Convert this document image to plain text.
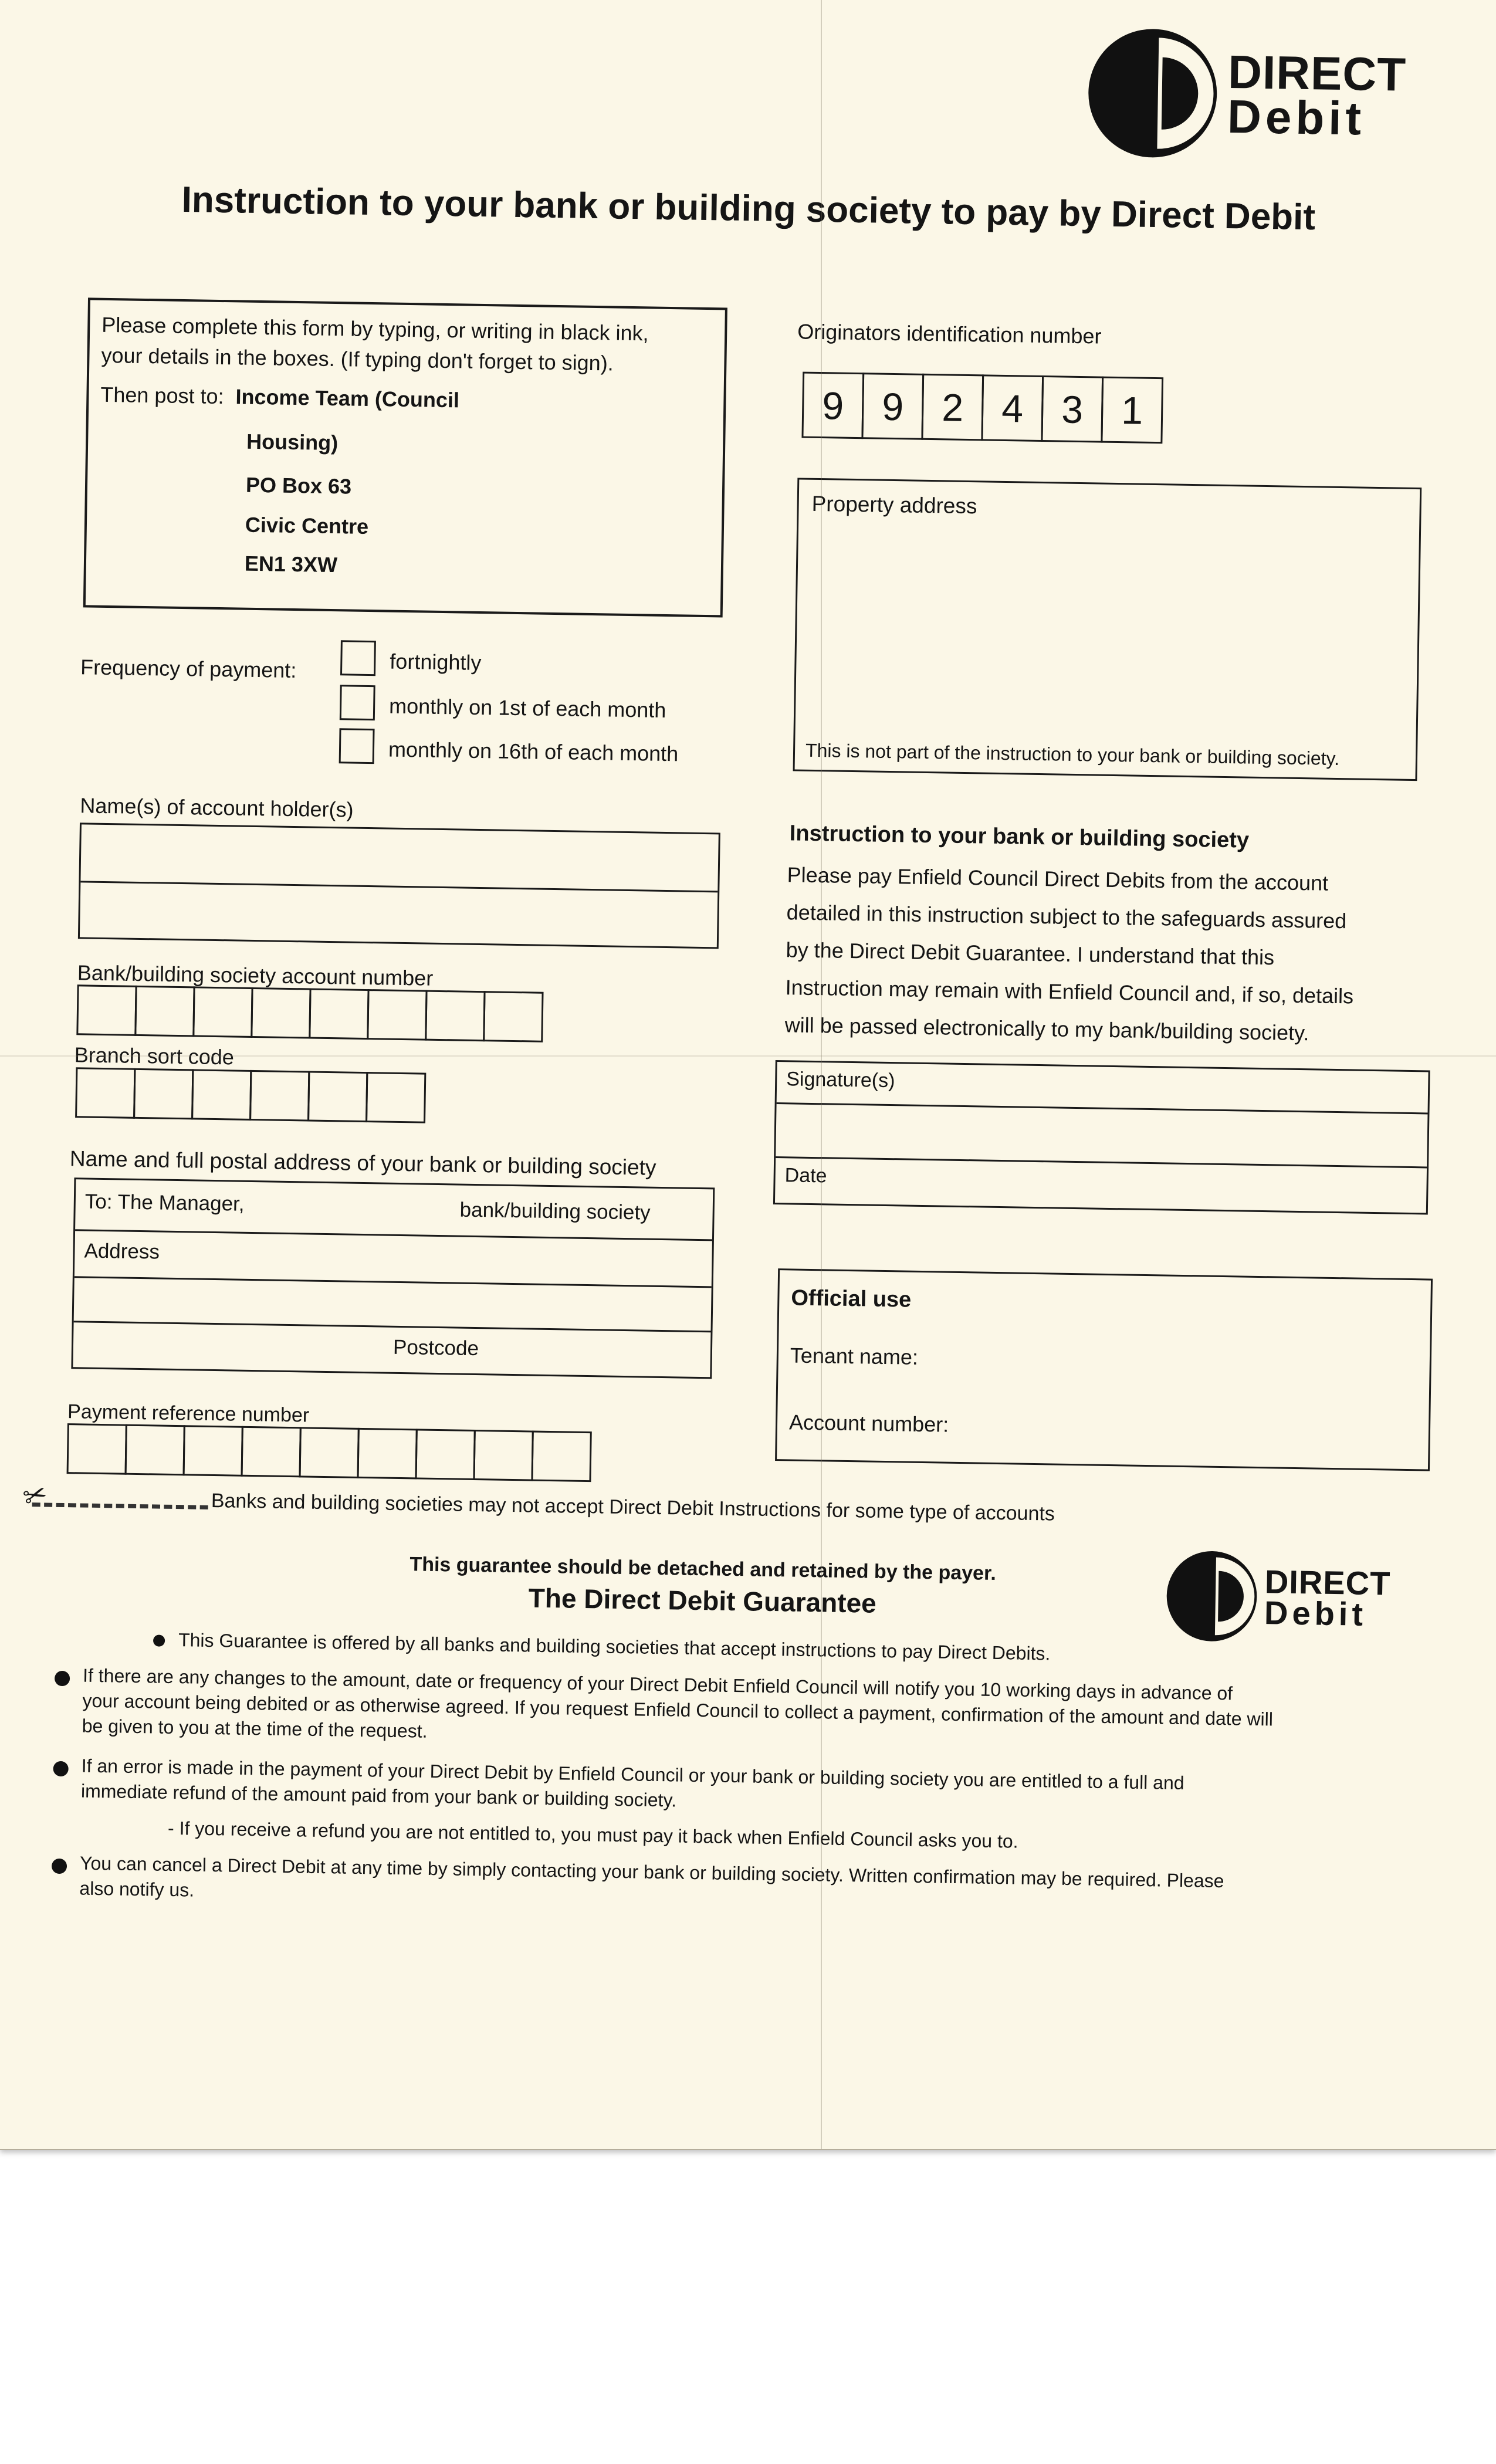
DIRECT
Debit
Instruction to your bank or building society to pay by Direct Debit
Please complete this form by typing, or writing in black ink,
your details in the boxes. (If typing don't forget to sign).
Then post to: Income Team (Council
Housing)
PO Box 63
Civic Centre
EN1 3XW
Originators identification number
9 9 2 4 3 1
Property address
This is not part of the instruction to your bank or building society.
Frequency of payment:	fortnightly
monthly on 1st of each month
monthly on 16th of each month
Name(s) of account holder(s)
Bank/building society account number
Branch sort code
Instruction to your bank or building society
Please pay Enfield Council Direct Debits from the account
detailed in this instruction subject to the safeguards assured
by the Direct Debit Guarantee. I understand that this
Instruction may remain with Enfield Council and, if so, details
will be passed electronically to my bank/building society.
Signature(s)
Date
Name and full postal address of your bank or building society
To: The Manager,	bank/building society
Address
Postcode
Official use
Tenant name:
Account number:
Payment reference number
Banks and building societies may not accept Direct Debit Instructions for some type of accounts
✂
This guarantee should be detached and retained by the payer.
The Direct Debit Guarantee	DIRECT
Debit
This Guarantee is offered by all banks and building societies that accept instructions to pay Direct Debits.
If there are any changes to the amount, date or frequency of your Direct Debit Enfield Council will notify you 10 working days in advance of
your account being debited or as otherwise agreed. If you request Enfield Council to collect a payment, confirmation of the amount and date will
be given to you at the time of the request.
If an error is made in the payment of your Direct Debit by Enfield Council or your bank or building society you are entitled to a full and
immediate refund of the amount paid from your bank or building society.
- If you receive a refund you are not entitled to, you must pay it back when Enfield Council asks you to.
You can cancel a Direct Debit at any time by simply contacting your bank or building society. Written confirmation may be required. Please
also notify us.
